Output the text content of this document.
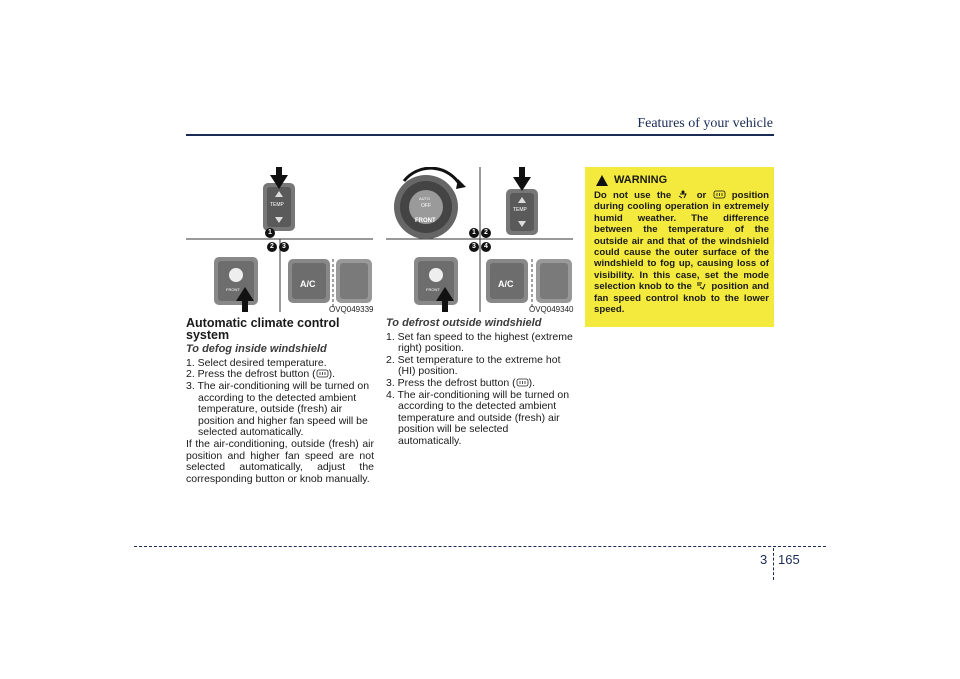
Features of your vehicle
TEMP
A/C
FRONT
1
2 3
OVQ049339
AUTO
OFF
FRONT
TEMP
A/C
FRONT
1 2
3 4
OVQ049340

Automatic climate control system

To defog inside windshield

1. Select desired temperature.

2. Press the defrost button ( ).

3. The air-conditioning will be turned on according to the detected ambient temperature, outside (fresh) air position and higher fan speed will be selected automatically.

If the air-conditioning, outside (fresh) air position and higher fan speed are not selected automatically, adjust the corresponding button or knob manually.

To defrost outside windshield

1. Set fan speed to the highest (extreme right) position.

2. Set temperature to the extreme hot (HI) position.

3. Press the defrost button ( ).

4. The air-conditioning will be turned on according to the detected ambient temperature and outside (fresh) air position will be selected automatically.

WARNING
Do not use the	or	position during cooling operation in extremely humid weather. The difference between the temperature of the outside air and that of the windshield could cause the outer surface of the windshield to fog up, causing loss of visibility. In this case, set the mode selection knob to the position and fan speed control knob to the lower speed.
3 165
